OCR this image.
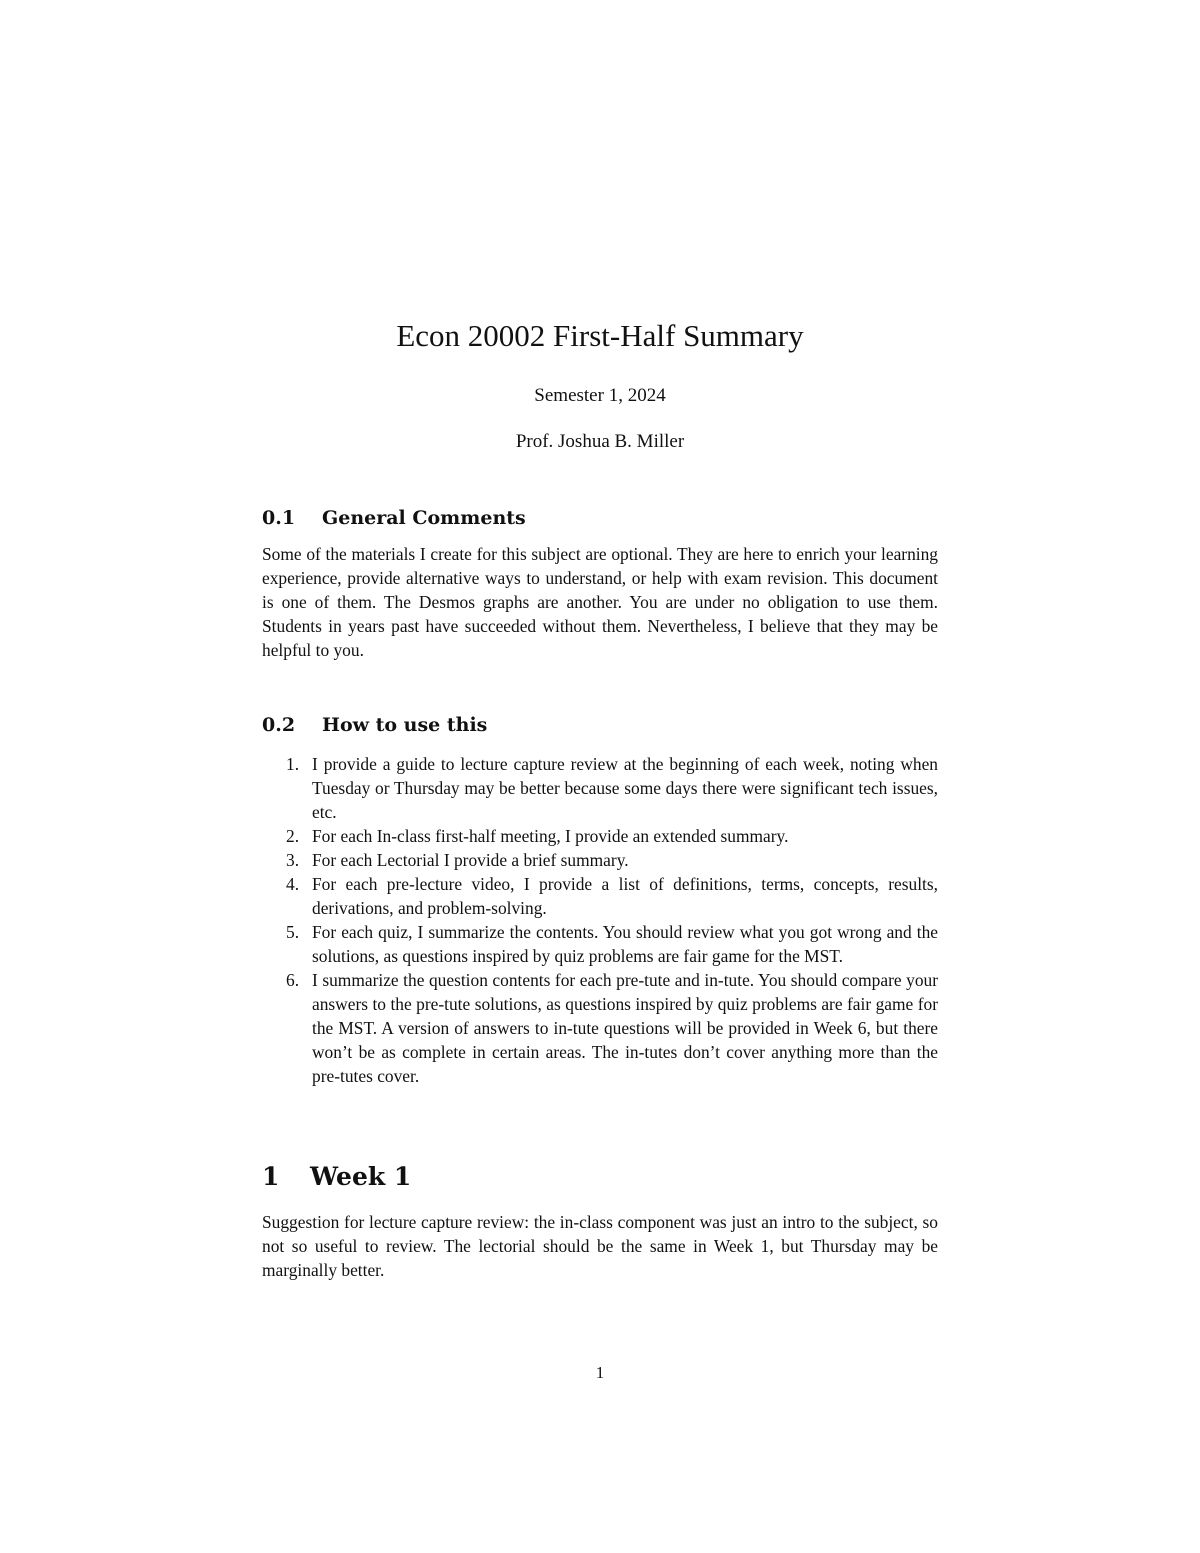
Econ 20002 First-Half Summary

Semester 1, 2024

Prof. Joshua B. Miller

0.1 General Comments

Some of the materials I create for this subject are optional. They are here to enrich your learning experience, provide alternative ways to understand, or help with exam revision. This document is one of them. The Desmos graphs are another. You are under no obligation to use them. Students in years past have succeeded without them. Nevertheless, I believe that they may be helpful to you.

0.2 How to use this
1. I provide a guide to lecture capture review at the beginning of each week, noting when Tuesday or Thursday may be better because some days there were significant tech issues, etc.
2. For each In-class first-half meeting, I provide an extended summary.
3. For each Lectorial I provide a brief summary.
4. For each pre-lecture video, I provide a list of definitions, terms, concepts, results, derivations, and problem-solving.
5. For each quiz, I summarize the contents. You should review what you got wrong and the solutions, as questions inspired by quiz problems are fair game for the MST.
6. I summarize the question contents for each pre-tute and in-tute. You should compare your answers to the pre-tute solutions, as questions inspired by quiz problems are fair game for the MST. A version of answers to in-tute questions will be provided in Week 6, but there won’t be as complete in certain areas. The in-tutes don’t cover anything more than the pre-tutes cover.
1 Week 1

Suggestion for lecture capture review: the in-class component was just an intro to the subject, so not so useful to review. The lectorial should be the same in Week 1, but Thursday may be marginally better.

1
